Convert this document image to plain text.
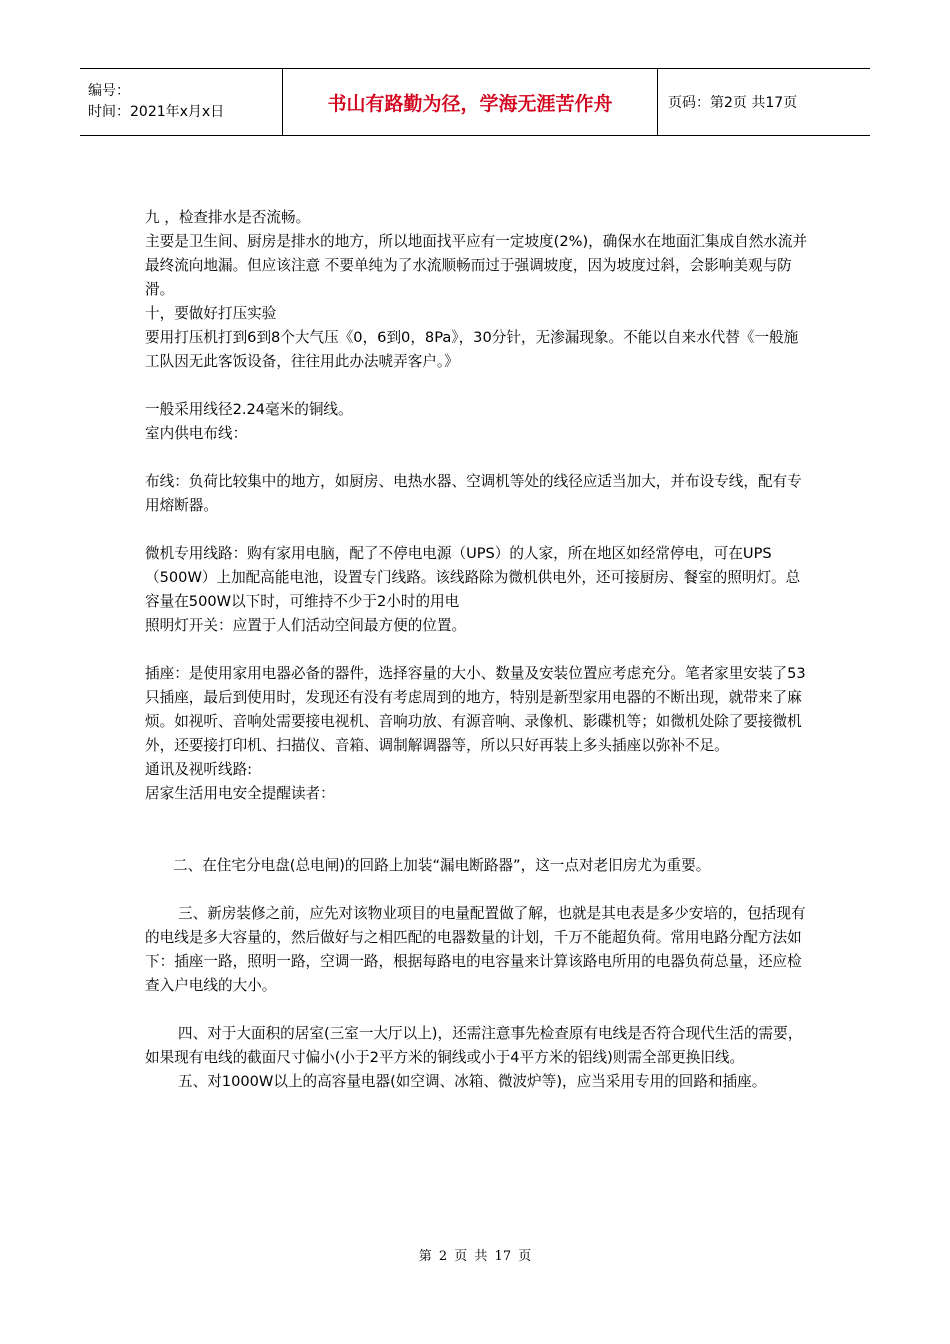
编号：
时间：2021年x月x日	书山有路勤为径，学海无涯苦作舟	页码：第2页 共17页

九 ，检查排水是否流畅。

主要是卫生间、厨房是排水的地方，所以地面找平应有一定坡度(2%)，确保水在地面汇集成自然水流并最终流向地漏。但应该注意 不要单纯为了水流顺畅而过于强调坡度，因为坡度过斜，会影响美观与防滑。

十，要做好打压实验

要用打压机打到6到8个大气压《0，6到0，8Pa》，30分针，无渗漏现象。不能以自来水代替《一般施工队因无此客饭设备，往往用此办法唬弄客户。》

一般采用线径2.24毫米的铜线。

室内供电布线：

布线：负荷比较集中的地方，如厨房、电热水器、空调机等处的线径应适当加大，并布设专线，配有专用熔断器。

微机专用线路：购有家用电脑，配了不停电电源（UPS）的人家，所在地区如经常停电，可在UPS（500W）上加配高能电池，设置专门线路。该线路除为微机供电外，还可接厨房、餐室的照明灯。总容量在500W以下时，可维持不少于2小时的用电

照明灯开关：应置于人们活动空间最方便的位置。

插座：是使用家用电器必备的器件，选择容量的大小、数量及安装位置应考虑充分。笔者家里安装了53只插座，最后到使用时，发现还有没有考虑周到的地方，特别是新型家用电器的不断出现，就带来了麻烦。如视听、音响处需要接电视机、音响功放、有源音响、录像机、影碟机等；如微机处除了要接微机外，还要接打印机、扫描仪、音箱、调制解调器等，所以只好再装上多头插座以弥补不足。

通讯及视听线路:

居家生活用电安全提醒读者：

二、在住宅分电盘(总电闸)的回路上加装“漏电断路器”，这一点对老旧房尤为重要。

三、新房装修之前，应先对该物业项目的电量配置做了解，也就是其电表是多少安培的，包括现有的电线是多大容量的，然后做好与之相匹配的电器数量的计划，千万不能超负荷。常用电路分配方法如下：插座一路，照明一路，空调一路，根据每路电的电容量来计算该路电所用的电器负荷总量，还应检查入户电线的大小。

四、对于大面积的居室(三室一大厅以上)，还需注意事先检查原有电线是否符合现代生活的需要，如果现有电线的截面尺寸偏小(小于2平方米的铜线或小于4平方米的铝线)则需全部更换旧线。

五、对1000W以上的高容量电器(如空调、冰箱、微波炉等)，应当采用专用的回路和插座。

第 2 页 共 17 页
